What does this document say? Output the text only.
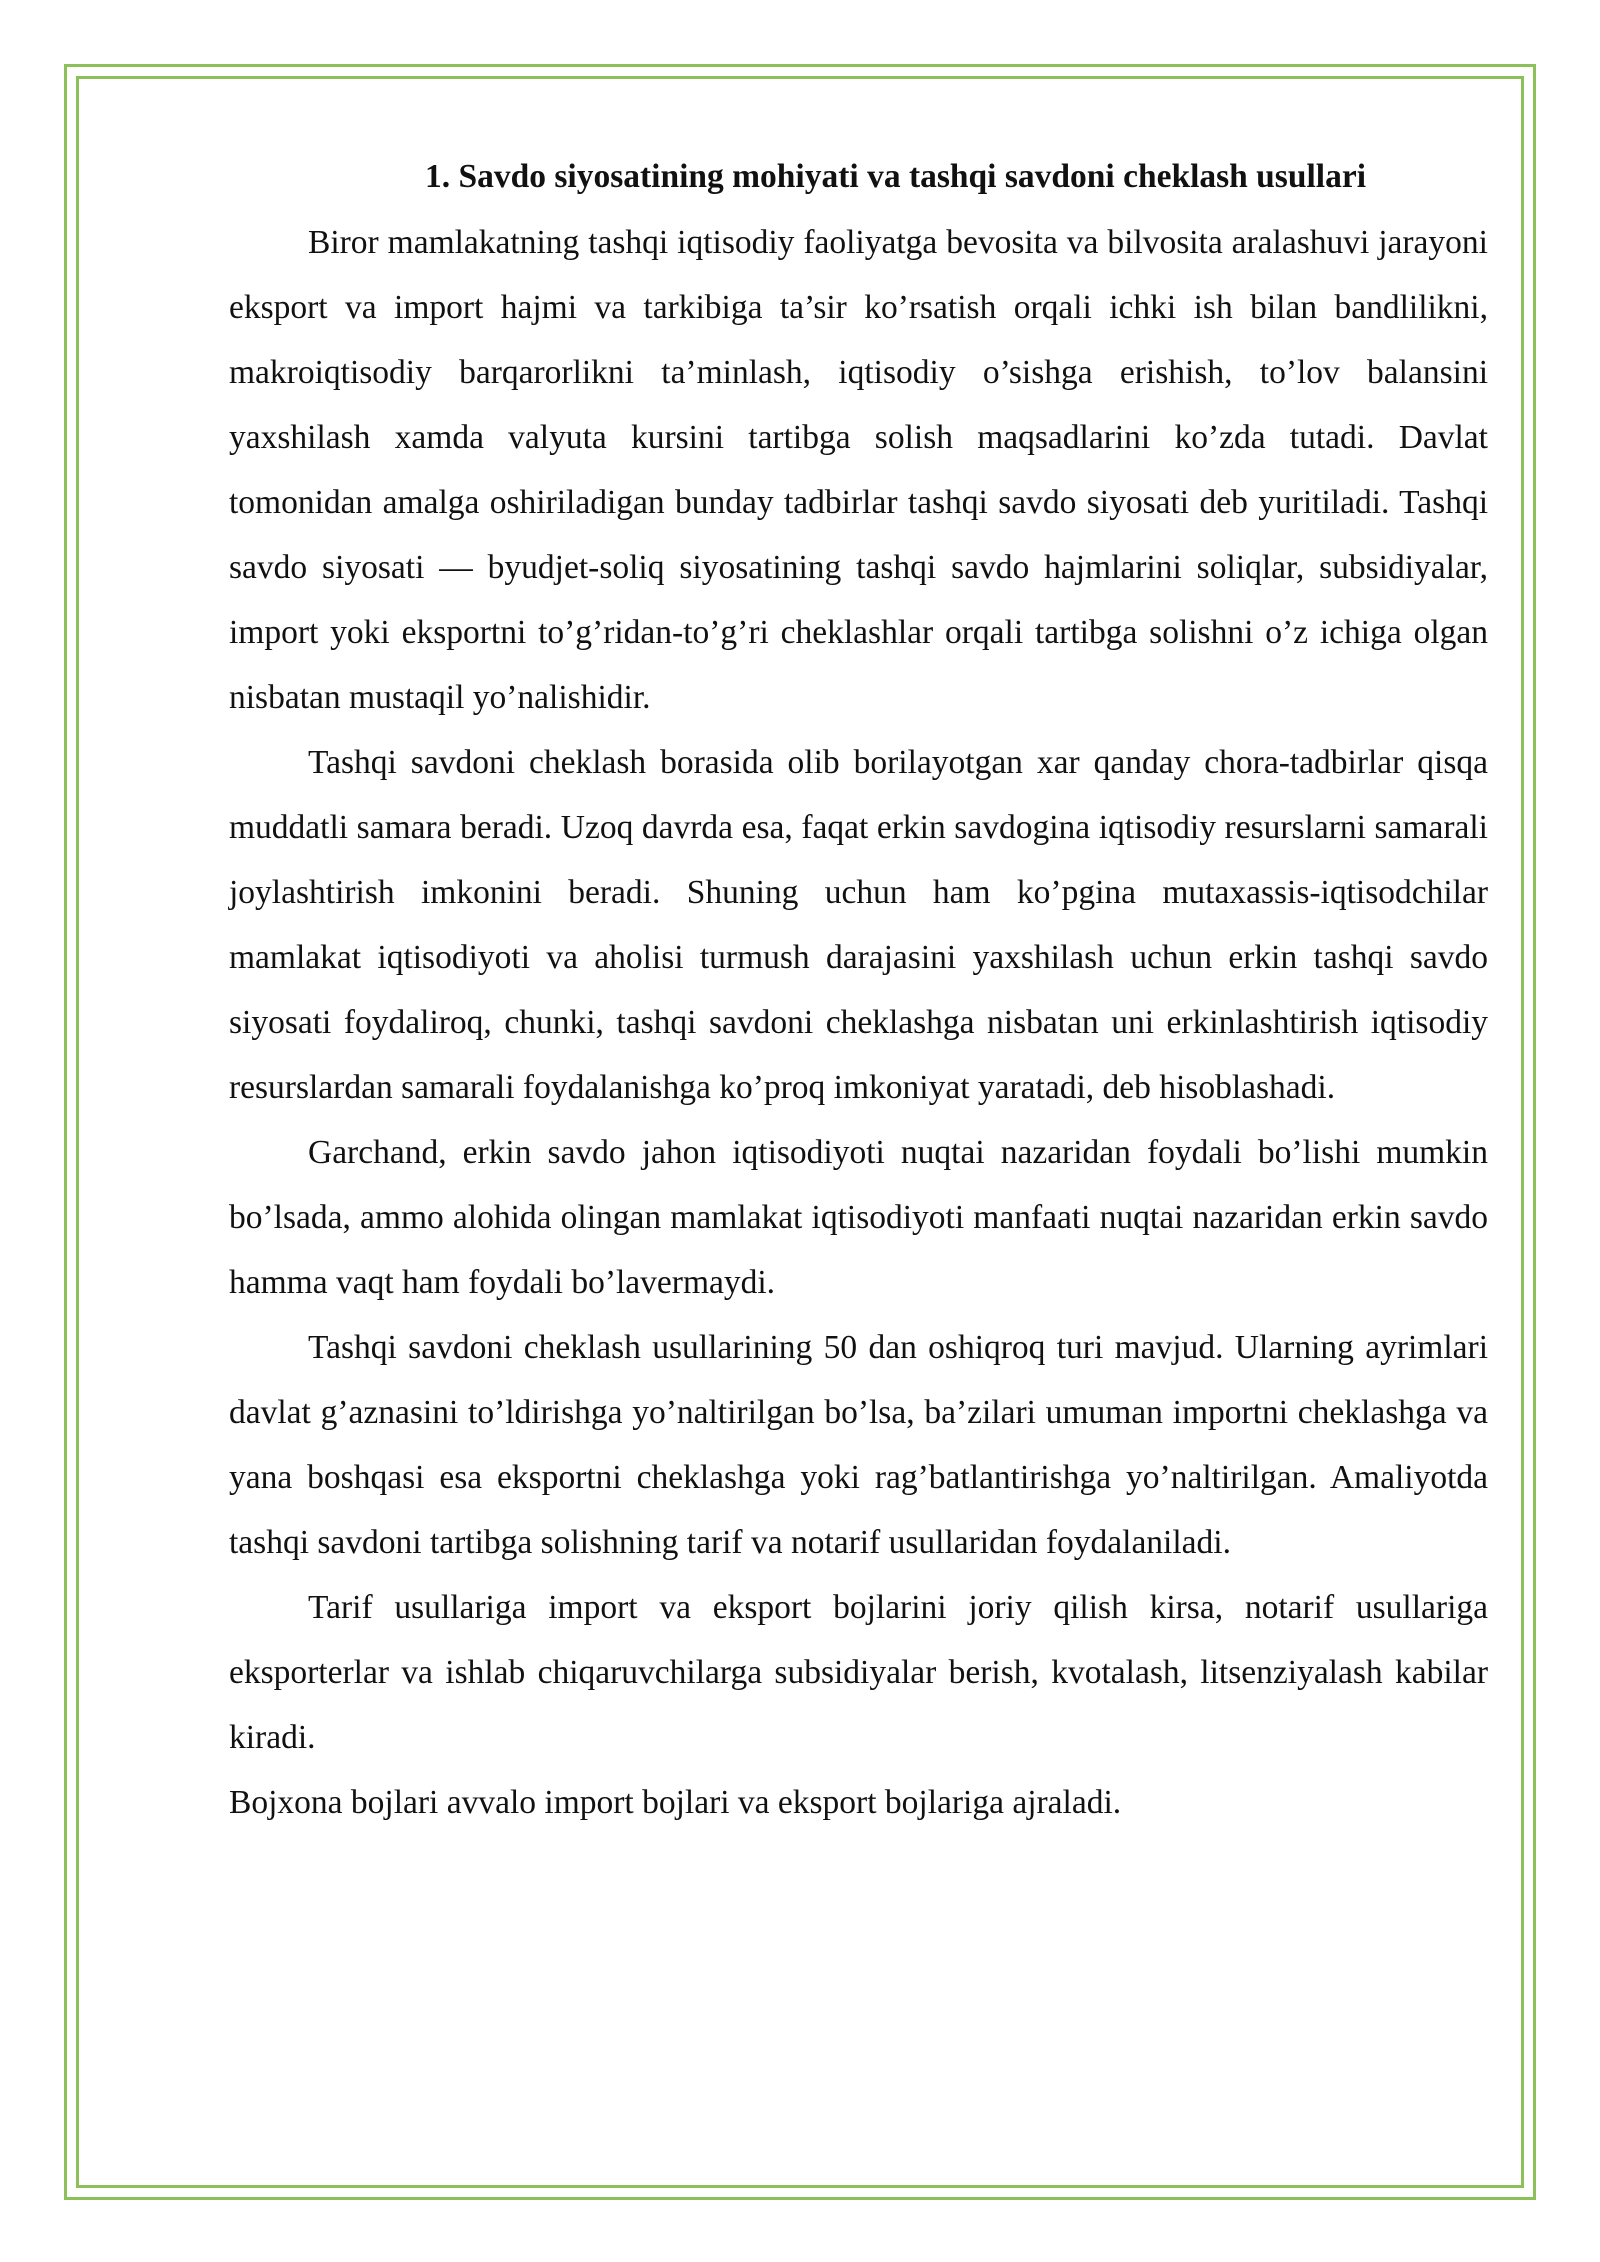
1. Savdo siyosatining mohiyati va tashqi savdoni cheklash usullari

Biror mamlakatning tashqi iqtisodiy faoliyatga bevosita va bilvosita aralashuvi jarayoni eksport va import hajmi va tarkibiga ta’sir ko’rsatish orqali ichki ish bilan bandlilikni, makroiqtisodiy barqarorlikni ta’minlash, iqtisodiy o’sishga erishish, to’lov balansini yaxshilash xamda valyuta kursini tartibga solish maqsadlarini ko’zda tutadi. Davlat tomonidan amalga oshiriladigan bunday tadbirlar tashqi savdo siyosati deb yuritiladi. Tashqi savdo siyosati — byudjet-soliq siyosatining tashqi savdo hajmlarini soliqlar, subsidiyalar, import yoki eksportni to’g’ridan-to’g’ri cheklashlar orqali tartibga solishni o’z ichiga olgan nisbatan mustaqil yo’nalishidir.

Tashqi savdoni cheklash borasida olib borilayotgan xar qanday chora-tadbirlar qisqa muddatli samara beradi. Uzoq davrda esa, faqat erkin savdogina iqtisodiy resurslarni samarali joylashtirish imkonini beradi. Shuning uchun ham ko’pgina mutaxassis-iqtisodchilar mamlakat iqtisodiyoti va aholisi turmush darajasini yaxshilash uchun erkin tashqi savdo siyosati foydaliroq, chunki, tashqi savdoni cheklashga nisbatan uni erkinlashtirish iqtisodiy resurslardan samarali foydalanishga ko’proq imkoniyat yaratadi, deb hisoblashadi.

Garchand, erkin savdo jahon iqtisodiyoti nuqtai nazaridan foydali bo’lishi mumkin bo’lsada, ammo alohida olingan mamlakat iqtisodiyoti manfaati nuqtai nazaridan erkin savdo hamma vaqt ham foydali bo’lavermaydi.

Tashqi savdoni cheklash usullarining 50 dan oshiqroq turi mavjud. Ularning ayrimlari davlat g’aznasini to’ldirishga yo’naltirilgan bo’lsa, ba’zilari umuman importni cheklashga va yana boshqasi esa eksportni cheklashga yoki rag’batlantirishga yo’naltirilgan. Amaliyotda tashqi savdoni tartibga solishning tarif va notarif usullaridan foydalaniladi.

Tarif usullariga import va eksport bojlarini joriy qilish kirsa, notarif usullariga eksporterlar va ishlab chiqaruvchilarga subsidiyalar berish, kvotalash, litsenziyalash kabilar kiradi.

Bojxona bojlari avvalo import bojlari va eksport bojlariga ajraladi.
